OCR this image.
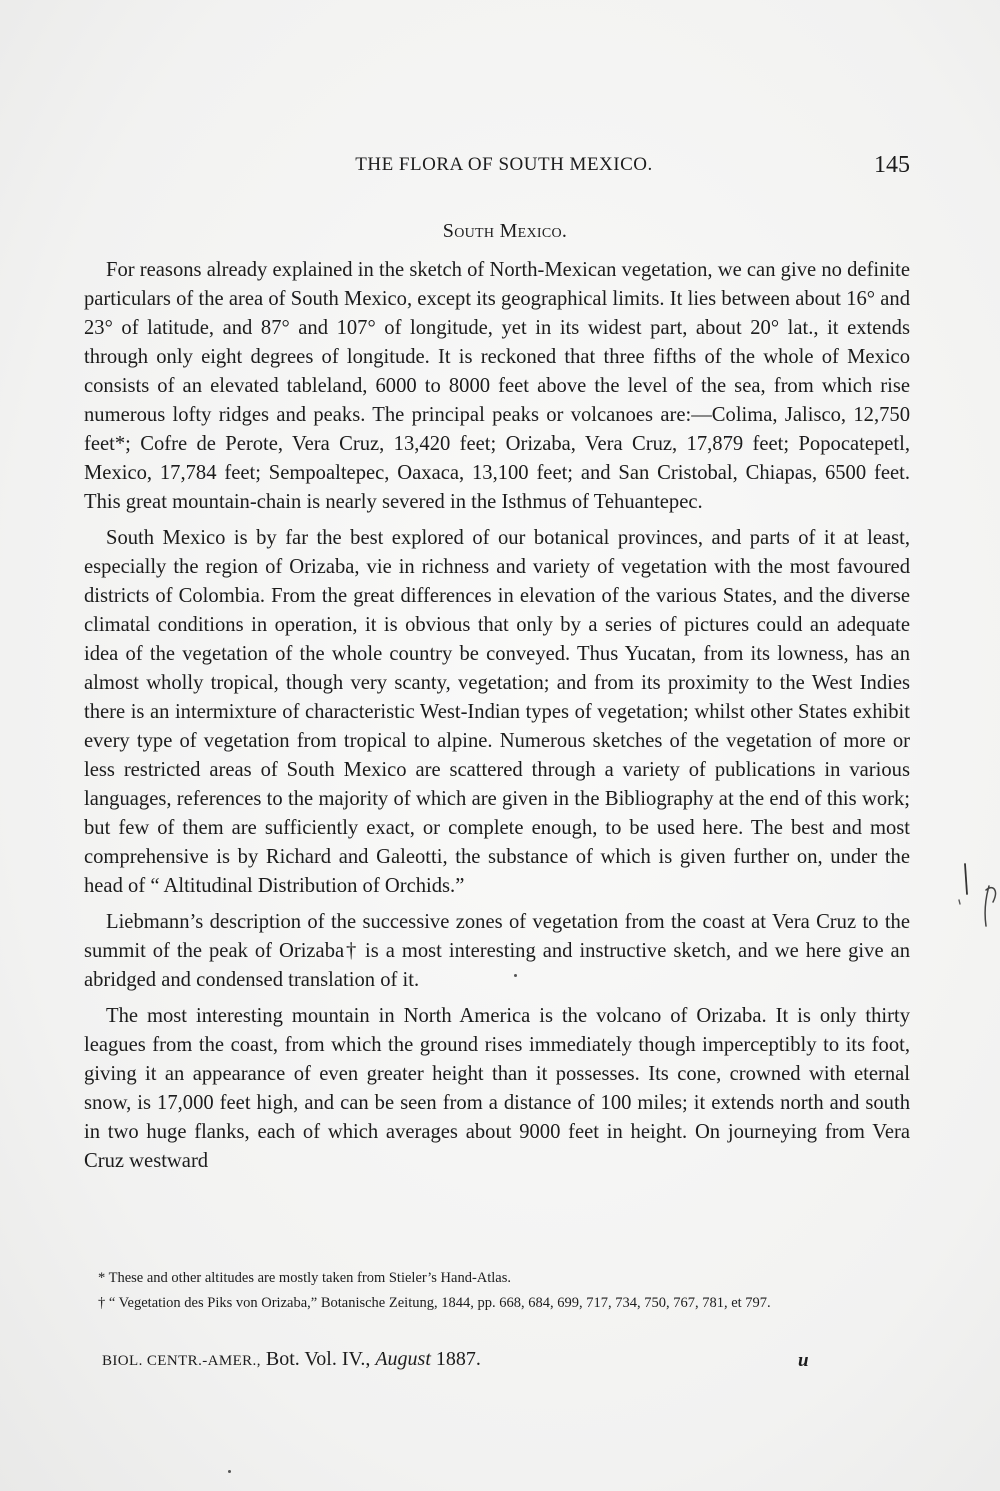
THE FLORA OF SOUTH MEXICO.	145
South Mexico.

For reasons already explained in the sketch of North-Mexican vegetation, we can give no definite particulars of the area of South Mexico, except its geographical limits. It lies between about 16° and 23° of latitude, and 87° and 107° of longitude, yet in its widest part, about 20° lat., it extends through only eight degrees of longitude. It is reckoned that three fifths of the whole of Mexico consists of an elevated tableland, 6000 to 8000 feet above the level of the sea, from which rise numerous lofty ridges and peaks. The principal peaks or volcanoes are:—Colima, Jalisco, 12,750 feet*; Cofre de Perote, Vera Cruz, 13,420 feet; Orizaba, Vera Cruz, 17,879 feet; Popocatepetl, Mexico, 17,784 feet; Sempoaltepec, Oaxaca, 13,100 feet; and San Cristobal, Chiapas, 6500 feet. This great mountain-chain is nearly severed in the Isthmus of Tehuantepec.

South Mexico is by far the best explored of our botanical provinces, and parts of it at least, especially the region of Orizaba, vie in richness and variety of vegetation with the most favoured districts of Colombia. From the great differences in elevation of the various States, and the diverse climatal conditions in operation, it is obvious that only by a series of pictures could an adequate idea of the vegetation of the whole country be conveyed. Thus Yucatan, from its lowness, has an almost wholly tropical, though very scanty, vegetation; and from its proximity to the West Indies there is an intermixture of characteristic West-Indian types of vegetation; whilst other States exhibit every type of vegetation from tropical to alpine. Numerous sketches of the vegetation of more or less restricted areas of South Mexico are scattered through a variety of publications in various languages, references to the majority of which are given in the Bibliography at the end of this work; but few of them are sufficiently exact, or complete enough, to be used here. The best and most comprehensive is by Richard and Galeotti, the substance of which is given further on, under the head of “ Altitudinal Distribution of Orchids.”

Liebmann’s description of the successive zones of vegetation from the coast at Vera Cruz to the summit of the peak of Orizaba† is a most interesting and instructive sketch, and we here give an abridged and condensed translation of it.

The most interesting mountain in North America is the volcano of Orizaba. It is only thirty leagues from the coast, from which the ground rises immediately though imperceptibly to its foot, giving it an appearance of even greater height than it possesses. Its cone, crowned with eternal snow, is 17,000 feet high, and can be seen from a distance of 100 miles; it extends north and south in two huge flanks, each of which averages about 9000 feet in height. On journeying from Vera Cruz westward

* These and other altitudes are mostly taken from Stieler’s Hand-Atlas.

† “ Vegetation des Piks von Orizaba,” Botanische Zeitung, 1844, pp. 668, 684, 699, 717, 734, 750, 767, 781, et 797.

BIOL. CENTR.-AMER., Bot. Vol. IV., August 1887.	u
